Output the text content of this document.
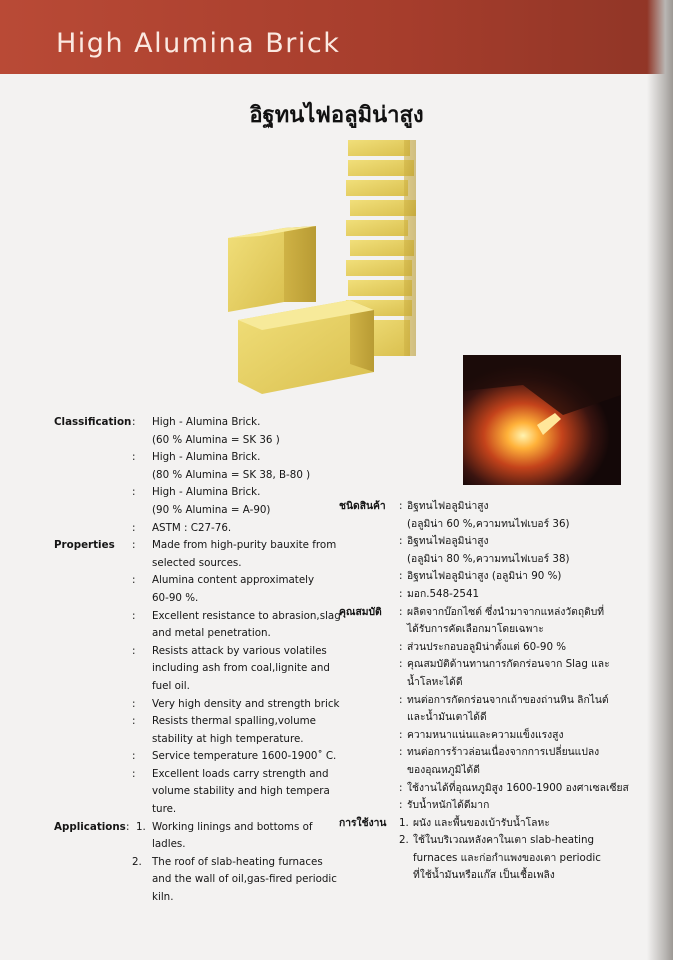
High Alumina Brick
อิฐทนไฟอลูมิน่าสูง
Classification :	High - Alumina Brick.
(60 % Alumina = SK 36 )
:	High - Alumina Brick.
(80 % Alumina = SK 38, B-80 )
:	High - Alumina Brick.
(90 % Alumina = A-90)
:	ASTM : C27-76.
Properties	:	Made from high-purity bauxite from
selected sources.
:	Alumina content approximately
60-90 %.
:	Excellent resistance to abrasion,slag
and metal penetration.
:	Resists attack by various volatiles
including ash from coal,lignite and
fuel oil.
:	Very high density and strength brick
:	Resists thermal spalling,volume
stability at high temperature.
:	Service temperature 1600-1900˚ C.
:	Excellent loads carry strength and
volume stability and high tempera
ture.
Applications : 1. Working linings and bottoms of
ladles.
2. The roof of slab-heating furnaces
and the wall of oil,gas-fired periodic
kiln.
ชนิดสินค้า	: อิฐทนไฟอลูมิน่าสูง
(อลูมิน่า 60 %,ความทนไฟเบอร์ 36)
: อิฐทนไฟอลูมิน่าสูง
(อลูมิน่า 80 %,ความทนไฟเบอร์ 38)
: อิฐทนไฟอลูมิน่าสูง (อลูมิน่า 90 %)
: มอก.548-2541
คุณสมบัติ	: ผลิตจากบ๊อกไซต์ ซึ่งนำมาจากแหล่งวัตถุดิบที่
ได้รับการคัดเลือกมาโดยเฉพาะ
: ส่วนประกอบอลูมิน่าตั้งแต่ 60-90 %
: คุณสมบัติด้านทานการกัดกร่อนจาก Slag และ
น้ำโลหะได้ดี
: ทนต่อการกัดกร่อนจากเถ้าของถ่านหิน ลิกไนต์
และน้ำมันเตาได้ดี
: ความหนาแน่นและความแข็งแรงสูง
: ทนต่อการร้าวล่อนเนื่องจากการเปลี่ยนแปลง
ของอุณหภูมิได้ดี
: ใช้งานได้ที่อุณหภูมิสูง 1600-1900 องศาเซลเซียส
: รับน้ำหนักได้ดีมาก
การใช้งาน	1. ผนัง และพื้นของเบ้ารับน้ำโลหะ
2. ใช้ในบริเวณหลังคาในเตา slab-heating
furnaces และก่อกำแพงของเตา periodic
ที่ใช้น้ำมันหรือแก๊ส เป็นเชื้อเพลิง
